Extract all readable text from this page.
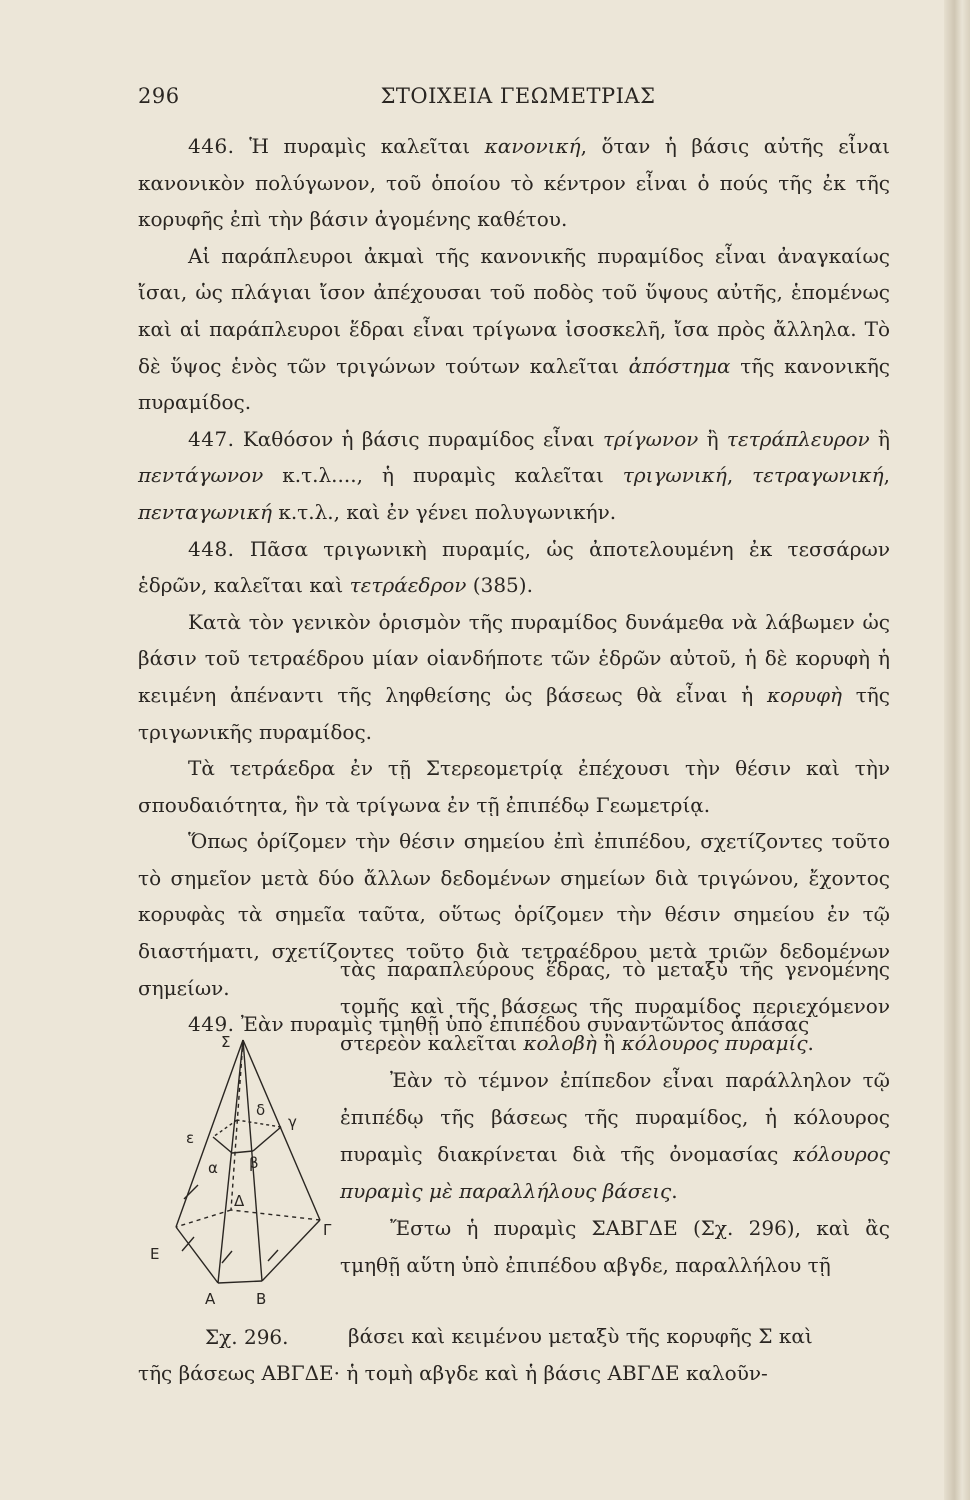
296	ΣΤΟΙΧΕΙΑ ΓΕΩΜΕΤΡΙΑΣ

446. Ἡ πυραμὶς καλεῖται κανονική, ὅταν ἡ βάσις αὐτῆς εἶναι κανονικὸν πολύγωνον, τοῦ ὁποίου τὸ κέντρον εἶναι ὁ πούς τῆς ἐκ τῆς κορυφῆς ἐπὶ τὴν βάσιν ἀγομένης καθέτου.

Αἱ παράπλευροι ἀκμαὶ τῆς κανονικῆς πυραμίδος εἶναι ἀναγκαίως ἴσαι, ὡς πλάγιαι ἴσον ἀπέχουσαι τοῦ ποδὸς τοῦ ὕψους αὐτῆς, ἑπομένως καὶ αἱ παράπλευροι ἕδραι εἶναι τρίγωνα ἰσοσκελῆ, ἴσα πρὸς ἄλληλα. Τὸ δὲ ὕψος ἑνὸς τῶν τριγώνων τούτων καλεῖται ἀπόστημα τῆς κανονικῆς πυραμίδος.

447. Καθόσον ἡ βάσις πυραμίδος εἶναι τρίγωνον ἢ τετράπλευρον ἢ πεντάγωνον κ.τ.λ...., ἡ πυραμὶς καλεῖται τριγωνική, τετραγωνική, πενταγωνική κ.τ.λ., καὶ ἐν γένει πολυγωνικήν.

448. Πᾶσα τριγωνικὴ πυραμίς, ὡς ἀποτελουμένη ἐκ τεσσάρων ἑδρῶν, καλεῖται καὶ τετράεδρον (385).

Κατὰ τὸν γενικὸν ὁρισμὸν τῆς πυραμίδος δυνάμεθα νὰ λάβωμεν ὡς βάσιν τοῦ τετραέδρου μίαν οἱανδήποτε τῶν ἑδρῶν αὐτοῦ, ἡ δὲ κορυφὴ ἡ κειμένη ἀπέναντι τῆς ληφθείσης ὡς βάσεως θὰ εἶναι ἡ κορυφὴ τῆς τριγωνικῆς πυραμίδος.

Τὰ τετράεδρα ἐν τῇ Στερεομετρίᾳ ἐπέχουσι τὴν θέσιν καὶ τὴν σπουδαιότητα, ἣν τὰ τρίγωνα ἐν τῇ ἐπιπέδῳ Γεωμετρίᾳ.

Ὅπως ὁρίζομεν τὴν θέσιν σημείου ἐπὶ ἐπιπέδου, σχετίζοντες τοῦτο τὸ σημεῖον μετὰ δύο ἄλλων δεδομένων σημείων διὰ τριγώνου, ἔχοντος κορυφὰς τὰ σημεῖα ταῦτα, οὕτως ὁρίζομεν τὴν θέσιν σημείου ἐν τῷ διαστήματι, σχετίζοντες τοῦτο διὰ τετραέδρου μετὰ τριῶν δεδομένων σημείων.

449. Ἐὰν πυραμὶς τμηθῇ ὑπὸ ἐπιπέδου συναντῶντος ἁπάσας

τὰς παραπλεύρους ἕδρας, τὸ μεταξὺ τῆς γενομένης τομῆς καὶ τῆς βάσεως τῆς πυραμίδος περιεχόμενον στερεὸν καλεῖται κολοβὴ ἢ κόλουρος πυραμίς.

Ἐὰν τὸ τέμνον ἐπίπεδον εἶναι παράλληλον τῷ ἐπιπέδῳ τῆς βάσεως τῆς πυραμίδος, ἡ κόλουρος πυραμὶς διακρίνεται διὰ τῆς ὀνομασίας κόλουρος πυραμὶς μὲ παραλλήλους βάσεις.

Ἔστω ἡ πυραμὶς ΣΑΒΓΔΕ (Σχ. 296), καὶ ἂς τμηθῇ αὕτη ὑπὸ ἐπιπέδου αβγδε, παραλλήλου τῇ

Σ
A	B
Γ
Δ
E
α β
γ
δ
ε
Σχ. 296.	βάσει καὶ κειμένου μεταξὺ τῆς κορυφῆς Σ καὶ

τῆς βάσεως ΑΒΓΔΕ· ἡ τομὴ αβγδε καὶ ἡ βάσις ΑΒΓΔΕ καλοῦν-
